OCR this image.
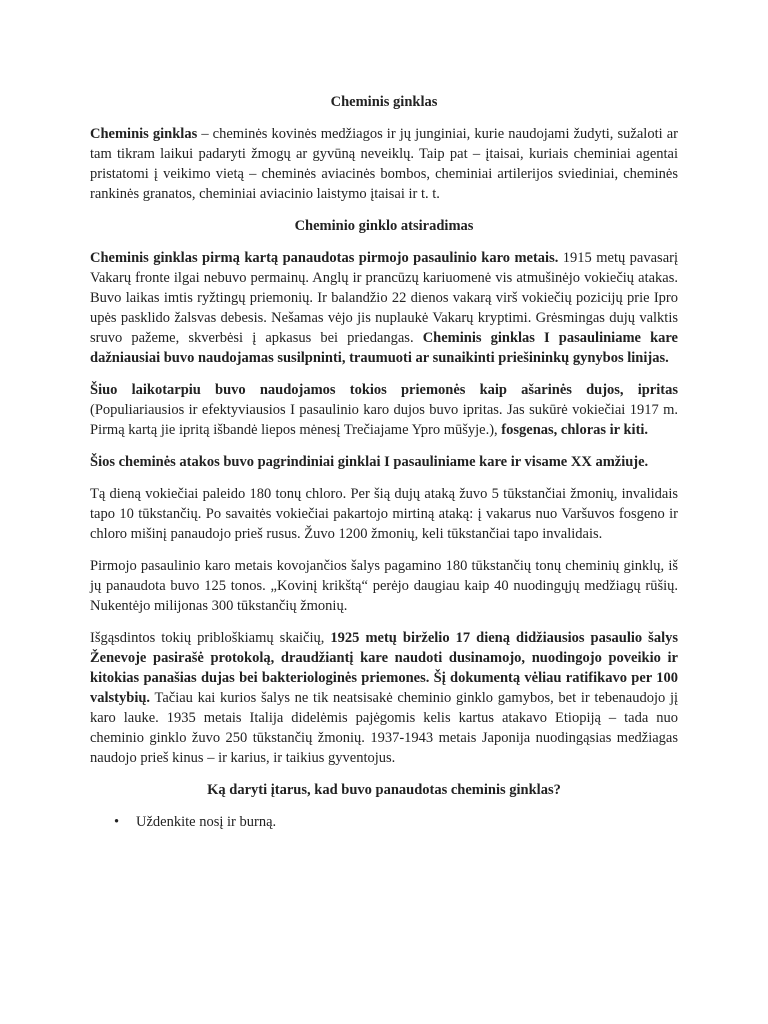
Cheminis ginklas

Cheminis ginklas – cheminės kovinės medžiagos ir jų junginiai, kurie naudojami žudyti, sužaloti ar tam tikram laikui padaryti žmogų ar gyvūną neveiklų. Taip pat – įtaisai, kuriais cheminiai agentai pristatomi į veikimo vietą – cheminės aviacinės bombos, cheminiai artilerijos sviediniai, cheminės rankinės granatos, cheminiai aviacinio laistymo įtaisai ir t. t.

Cheminio ginklo atsiradimas

Cheminis ginklas pirmą kartą panaudotas pirmojo pasaulinio karo metais. 1915 metų pavasarį Vakarų fronte ilgai nebuvo permainų. Anglų ir prancūzų kariuomenė vis atmušinėjo vokiečių atakas. Buvo laikas imtis ryžtingų priemonių. Ir balandžio 22 dienos vakarą virš vokiečių pozicijų prie Ipro upės pasklido žalsvas debesis. Nešamas vėjo jis nuplaukė Vakarų kryptimi. Grėsmingas dujų valktis sruvo pažeme, skverbėsi į apkasus bei priedangas. Cheminis ginklas I pasauliniame kare dažniausiai buvo naudojamas susilpninti, traumuoti ar sunaikinti priešininkų gynybos linijas.

Šiuo laikotarpiu buvo naudojamos tokios priemonės kaip ašarinės dujos, ipritas (Populiariausios ir efektyviausios I pasaulinio karo dujos buvo ipritas. Jas sukūrė vokiečiai 1917 m. Pirmą kartą jie ipritą išbandė liepos mėnesį Trečiajame Ypro mūšyje.), fosgenas, chloras ir kiti.

Šios cheminės atakos buvo pagrindiniai ginklai I pasauliniame kare ir visame XX amžiuje.

Tą dieną vokiečiai paleido 180 tonų chloro. Per šią dujų ataką žuvo 5 tūkstančiai žmonių, invalidais tapo 10 tūkstančių. Po savaitės vokiečiai pakartojo mirtiną ataką: į vakarus nuo Varšuvos fosgeno ir chloro mišinį panaudojo prieš rusus. Žuvo 1200 žmonių, keli tūkstančiai tapo invalidais.

Pirmojo pasaulinio karo metais kovojančios šalys pagamino 180 tūkstančių tonų cheminių ginklų, iš jų panaudota buvo 125 tonos. „Kovinį krikštą“ perėjo daugiau kaip 40 nuodingųjų medžiagų rūšių. Nukentėjo milijonas 300 tūkstančių žmonių.

Išgąsdintos tokių pribloškiamų skaičių, 1925 metų birželio 17 dieną didžiausios pasaulio šalys Ženevoje pasirašė protokolą, draudžiantį kare naudoti dusinamojo, nuodingojo poveikio ir kitokias panašias dujas bei bakteriologinės priemones. Šį dokumentą vėliau ratifikavo per 100 valstybių. Tačiau kai kurios šalys ne tik neatsisakė cheminio ginklo gamybos, bet ir tebenaudojo jį karo lauke. 1935 metais Italija didelėmis pajėgomis kelis kartus atakavo Etiopiją – tada nuo cheminio ginklo žuvo 250 tūkstančių žmonių. 1937-1943 metais Japonija nuodingąsias medžiagas naudojo prieš kinus – ir karius, ir taikius gyventojus.

Ką daryti įtarus, kad buvo panaudotas cheminis ginklas?

• Uždenkite nosį ir burną.
